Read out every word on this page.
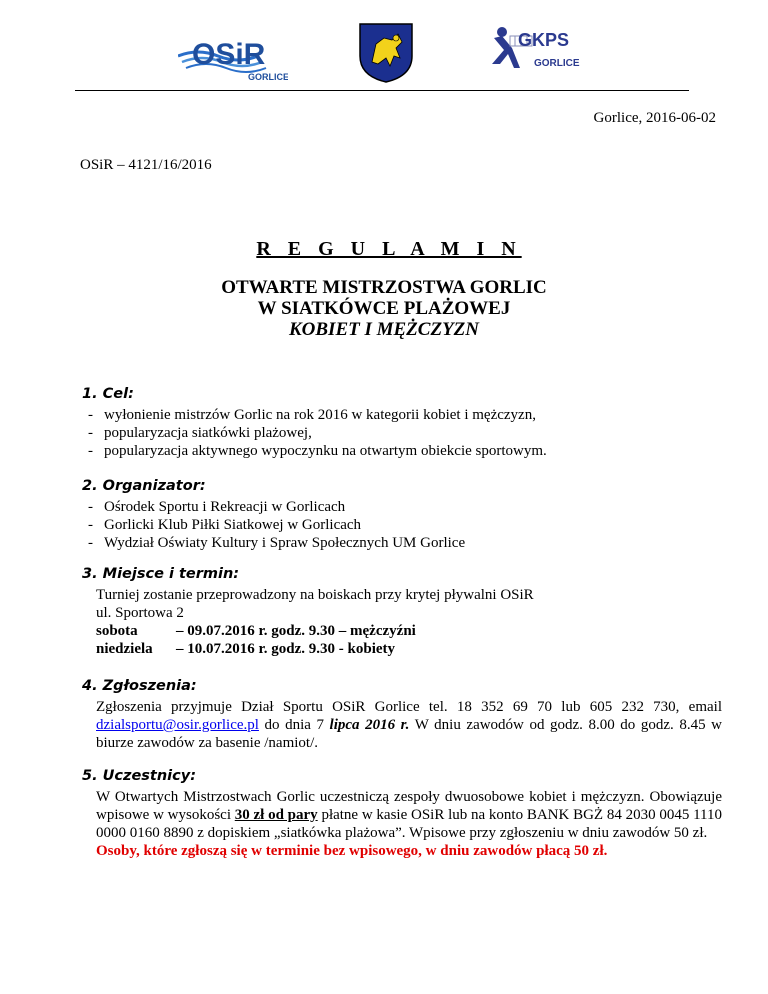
OSiR
GORLICE
GKPS
GORLICE
Gorlice, 2016-06-02
OSiR – 4121/16/2016
R E G U L A M I N
OTWARTE MISTRZOSTWA GORLIC
W SIATKÓWCE PLAŻOWEJ
KOBIET I MĘŻCZYZN
1. Cel:
- wyłonienie mistrzów Gorlic na rok 2016 w kategorii kobiet i mężczyzn,
- popularyzacja siatkówki plażowej,
- popularyzacja aktywnego wypoczynku na otwartym obiekcie sportowym.
2. Organizator:
- Ośrodek Sportu i Rekreacji w Gorlicach
- Gorlicki Klub Piłki Siatkowej w Gorlicach
- Wydział Oświaty Kultury i Spraw Społecznych UM Gorlice
3. Miejsce i termin:
Turniej zostanie przeprowadzony na boiskach przy krytej pływalni OSiR
ul. Sportowa 2
sobota	– 09.07.2016 r. godz. 9.30 – mężczyźni
niedziela	– 10.07.2016 r. godz. 9.30 - kobiety
4. Zgłoszenia:
Zgłoszenia przyjmuje Dział Sportu OSiR Gorlice tel. 18 352 69 70 lub 605 232 730, email dzialsportu@osir.gorlice.pl do dnia 7 lipca 2016 r. W dniu zawodów od godz. 8.00 do godz. 8.45 w biurze zawodów za basenie /namiot/.
5. Uczestnicy:
W Otwartych Mistrzostwach Gorlic uczestniczą zespoły dwuosobowe kobiet i mężczyzn. Obowiązuje wpisowe w wysokości 30 zł od pary płatne w kasie OSiR lub na konto BANK BGŻ 84 2030 0045 1110 0000 0160 8890 z dopiskiem „siatkówka plażowa”. Wpisowe przy zgłoszeniu w dniu zawodów 50 zł.
Osoby, które zgłoszą się w terminie bez wpisowego, w dniu zawodów płacą 50 zł.
